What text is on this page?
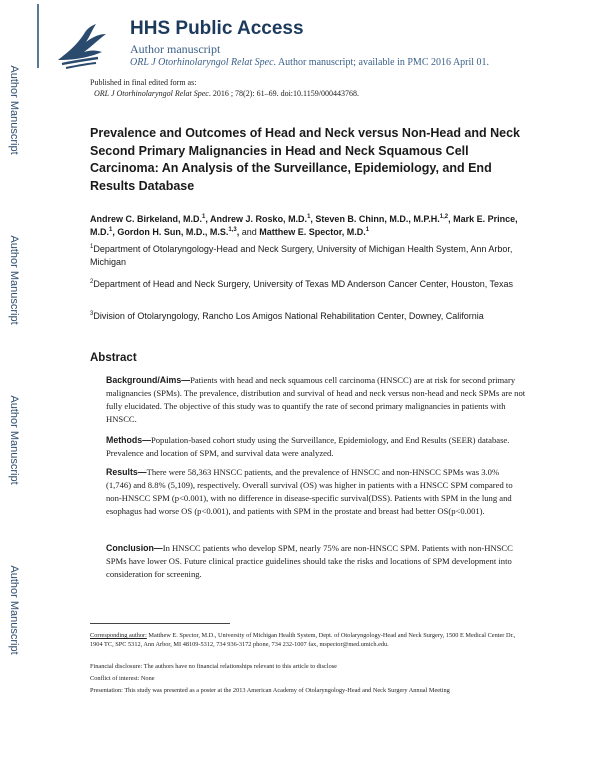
Author Manuscript
Author Manuscript
Author Manuscript
Author Manuscript
HHS Public Access
Author manuscript
ORL J Otorhinolaryngol Relat Spec. Author manuscript; available in PMC 2016 April 01.
Published in final edited form as:
ORL J Otorhinolaryngol Relat Spec. 2016 ; 78(2): 61–69. doi:10.1159/000443768.
Prevalence and Outcomes of Head and Neck versus Non-Head and Neck Second Primary Malignancies in Head and Neck Squamous Cell Carcinoma: An Analysis of the Surveillance, Epidemiology, and End Results Database
Andrew C. Birkeland, M.D.$^1$, Andrew J. Rosko, M.D.$^1$, Steven B. Chinn, M.D., M.P.H.$^{1,2}$, Mark E. Prince, M.D.$^1$, Gordon H. Sun, M.D., M.S.$^{1,3}$, and Matthew E. Spector, M.D.$^1$
$^1$Department of Otolaryngology-Head and Neck Surgery, University of Michigan Health System, Ann Arbor, Michigan
$^2$Department of Head and Neck Surgery, University of Texas MD Anderson Cancer Center, Houston, Texas
$^3$Division of Otolaryngology, Rancho Los Amigos National Rehabilitation Center, Downey, California
Abstract
Background/Aims—Patients with head and neck squamous cell carcinoma (HNSCC) are at risk for second primary malignancies (SPMs). The prevalence, distribution and survival of head and neck versus non-head and neck SPMs are not fully elucidated. The objective of this study was to quantify the rate of second primary malignancies in patients with HNSCC.
Methods—Population-based cohort study using the Surveillance, Epidemiology, and End Results (SEER) database. Prevalence and location of SPM, and survival data were analyzed.
Results—There were 58,363 HNSCC patients, and the prevalence of HNSCC and non-HNSCC SPMs was 3.0% (1,746) and 8.8% (5,109), respectively. Overall survival (OS) was higher in patients with a HNSCC SPM compared to non-HNSCC SPM (p<0.001), with no difference in disease-specific survival(DSS). Patients with SPM in the lung and esophagus had worse OS (p<0.001), and patients with SPM in the prostate and breast had better OS(p<0.001).
Conclusion—In HNSCC patients who develop SPM, nearly 75% are non-HNSCC SPM. Patients with non-HNSCC SPMs have lower OS. Future clinical practice guidelines should take the risks and locations of SPM development into consideration for screening.
Corresponding author: Matthew E. Spector, M.D., University of Michigan Health System, Dept. of Otolaryngology-Head and Neck Surgery, 1500 E Medical Center Dr., 1904 TC, SPC 5312, Ann Arbor, MI 48109-5312, 734 936-3172 phone, 734 232-1007 fax, mspector@med.umich.edu.
Financial disclosure: The authors have no financial relationships relevant to this article to disclose
Conflict of interest: None
Presentation: This study was presented as a poster at the 2013 American Academy of Otolaryngology-Head and Neck Surgery Annual Meeting
